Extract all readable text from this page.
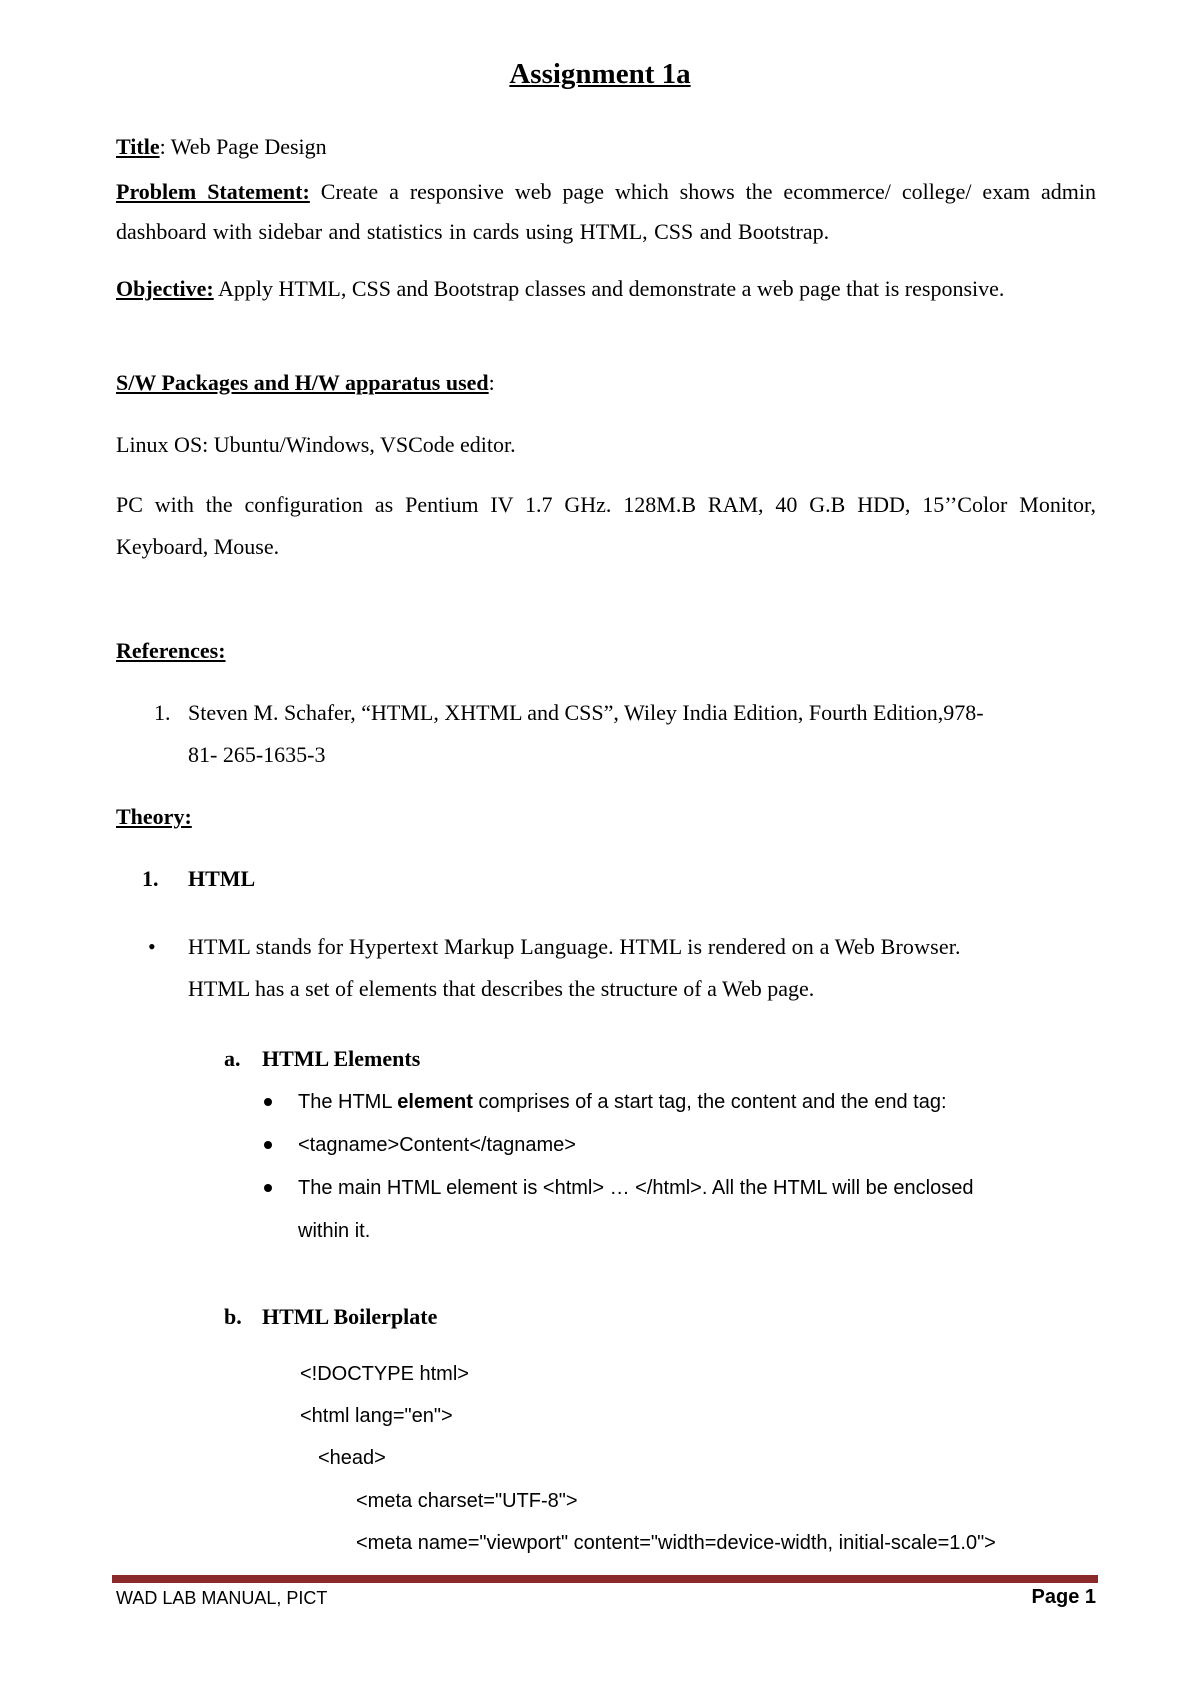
Assignment 1a
Title: Web Page Design
Problem Statement: Create a responsive web page which shows the ecommerce/ college/ exam admin dashboard with sidebar and statistics in cards using HTML, CSS and Bootstrap.
Objective: Apply HTML, CSS and Bootstrap classes and demonstrate a web page that is responsive.
S/W Packages and H/W apparatus used:
Linux OS: Ubuntu/Windows, VSCode editor.
PC with the configuration as Pentium IV 1.7 GHz. 128M.B RAM, 40 G.B HDD, 15’’Color Monitor, Keyboard, Mouse.
References:
1. Steven M. Schafer, “HTML, XHTML and CSS”, Wiley India Edition, Fourth Edition,978-
81- 265-1635-3
Theory:
1. HTML
• HTML stands for Hypertext Markup Language. HTML is rendered on a Web Browser.
HTML has a set of elements that describes the structure of a Web page.
a. HTML Elements
The HTML element comprises of a start tag, the content and the end tag:
<tagname>Content</tagname>
The main HTML element is <html> … </html>. All the HTML will be enclosed
within it.
b. HTML Boilerplate
<!DOCTYPE html>
<html lang="en">
<head>
<meta charset="UTF-8">
<meta name="viewport" content="width=device-width, initial-scale=1.0">
WAD LAB MANUAL, PICT	Page 1
